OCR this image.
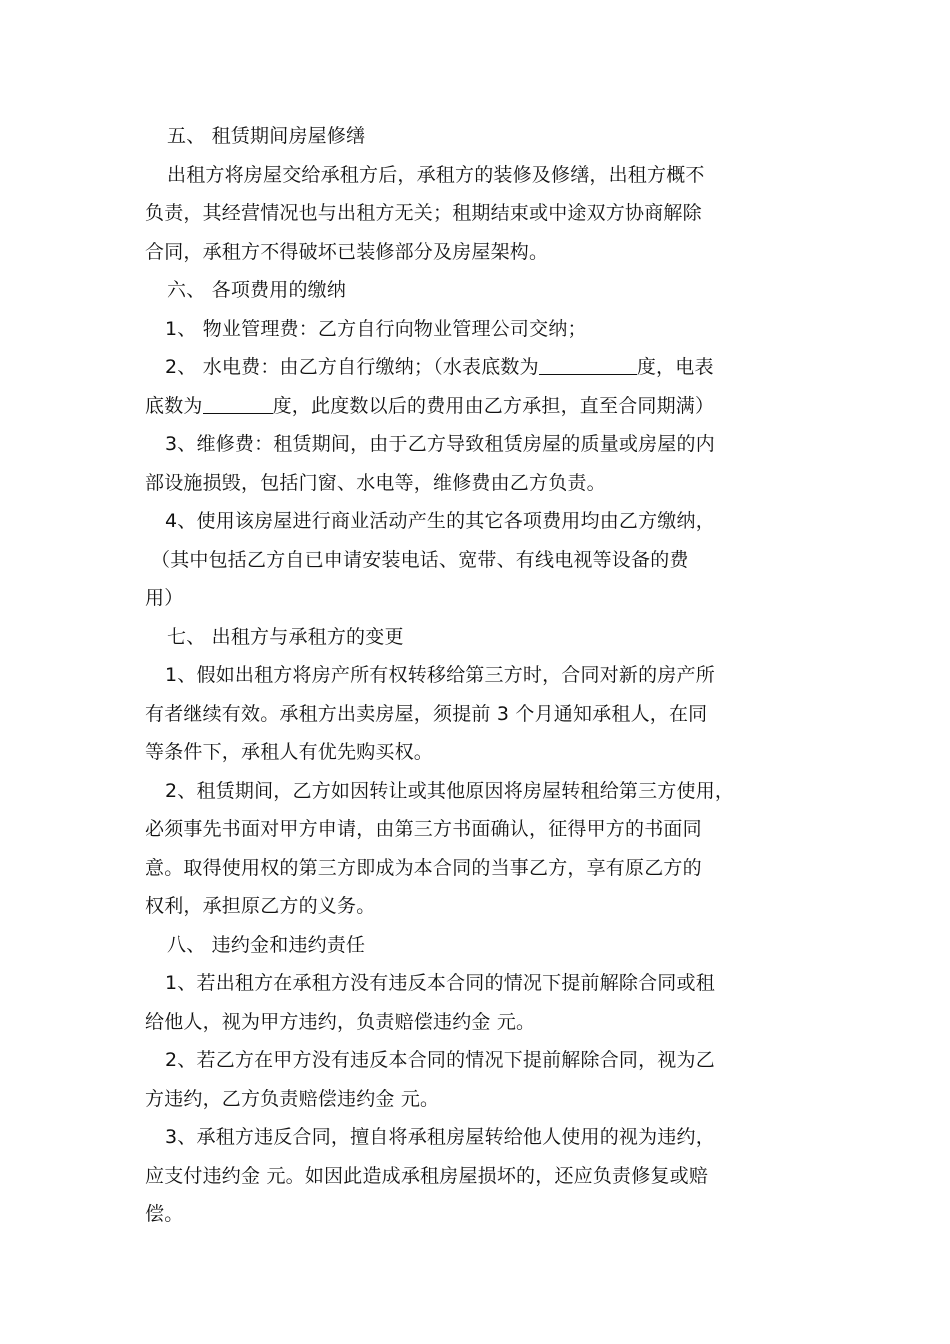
五、 租赁期间房屋修缮
出租方将房屋交给承租方后，承租方的装修及修缮，出租方概不
负责，其经营情况也与出租方无关；租期结束或中途双方协商解除
合同，承租方不得破坏已装修部分及房屋架构。
六、 各项费用的缴纳
1、 物业管理费：乙方自行向物业管理公司交纳；
2、 水电费：由乙方自行缴纳；（水表底数为	度，电表
底数为	度，此度数以后的费用由乙方承担，直至合同期满）
3、维修费：租赁期间，由于乙方导致租赁房屋的质量或房屋的内
部设施损毁，包括门窗、水电等，维修费由乙方负责。
4、使用该房屋进行商业活动产生的其它各项费用均由乙方缴纳，
（其中包括乙方自已申请安装电话、宽带、有线电视等设备的费
用）
七、 出租方与承租方的变更
1、假如出租方将房产所有权转移给第三方时，合同对新的房产所
有者继续有效。承租方出卖房屋，须提前 3 个月通知承租人，在同
等条件下，承租人有优先购买权。
2、租赁期间，乙方如因转让或其他原因将房屋转租给第三方使用，
必须事先书面对甲方申请，由第三方书面确认，征得甲方的书面同
意。取得使用权的第三方即成为本合同的当事乙方，享有原乙方的
权利，承担原乙方的义务。
八、 违约金和违约责任
1、若出租方在承租方没有违反本合同的情况下提前解除合同或租
给他人，视为甲方违约，负责赔偿违约金 元。
2、若乙方在甲方没有违反本合同的情况下提前解除合同，视为乙
方违约，乙方负责赔偿违约金 元。
3、承租方违反合同，擅自将承租房屋转给他人使用的视为违约，
应支付违约金 元。如因此造成承租房屋损坏的，还应负责修复或赔
偿。
